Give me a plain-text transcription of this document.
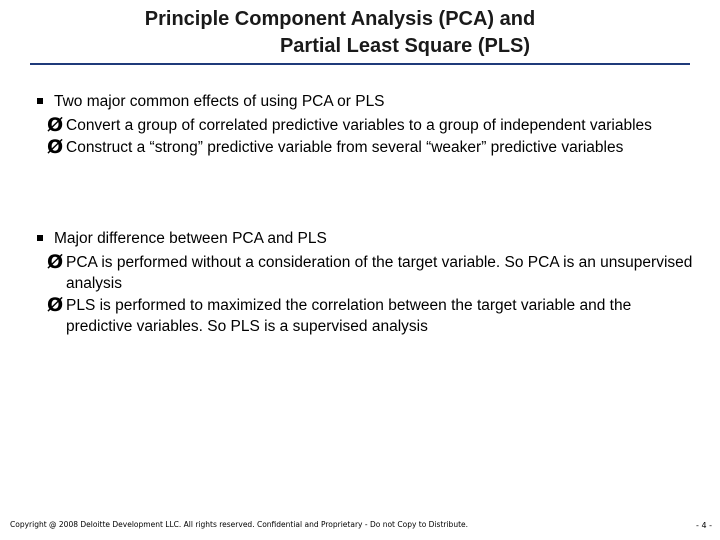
Principle Component Analysis (PCA) and
Partial Least Square (PLS)
Two major common effects of using PCA or PLS
Ø Convert a group of correlated predictive variables to a group of independent variables
Ø Construct a “strong” predictive variable from several “weaker” predictive variables
Major difference between PCA and PLS
Ø PCA is performed without a consideration of the target variable. So PCA is an unsupervised analysis
Ø PLS is performed to maximized the correlation between the target variable and the predictive variables. So PLS is a supervised analysis
Copyright @ 2008 Deloitte Development LLC. All rights reserved. Confidential and Proprietary - Do not Copy to Distribute.	- 4 -
